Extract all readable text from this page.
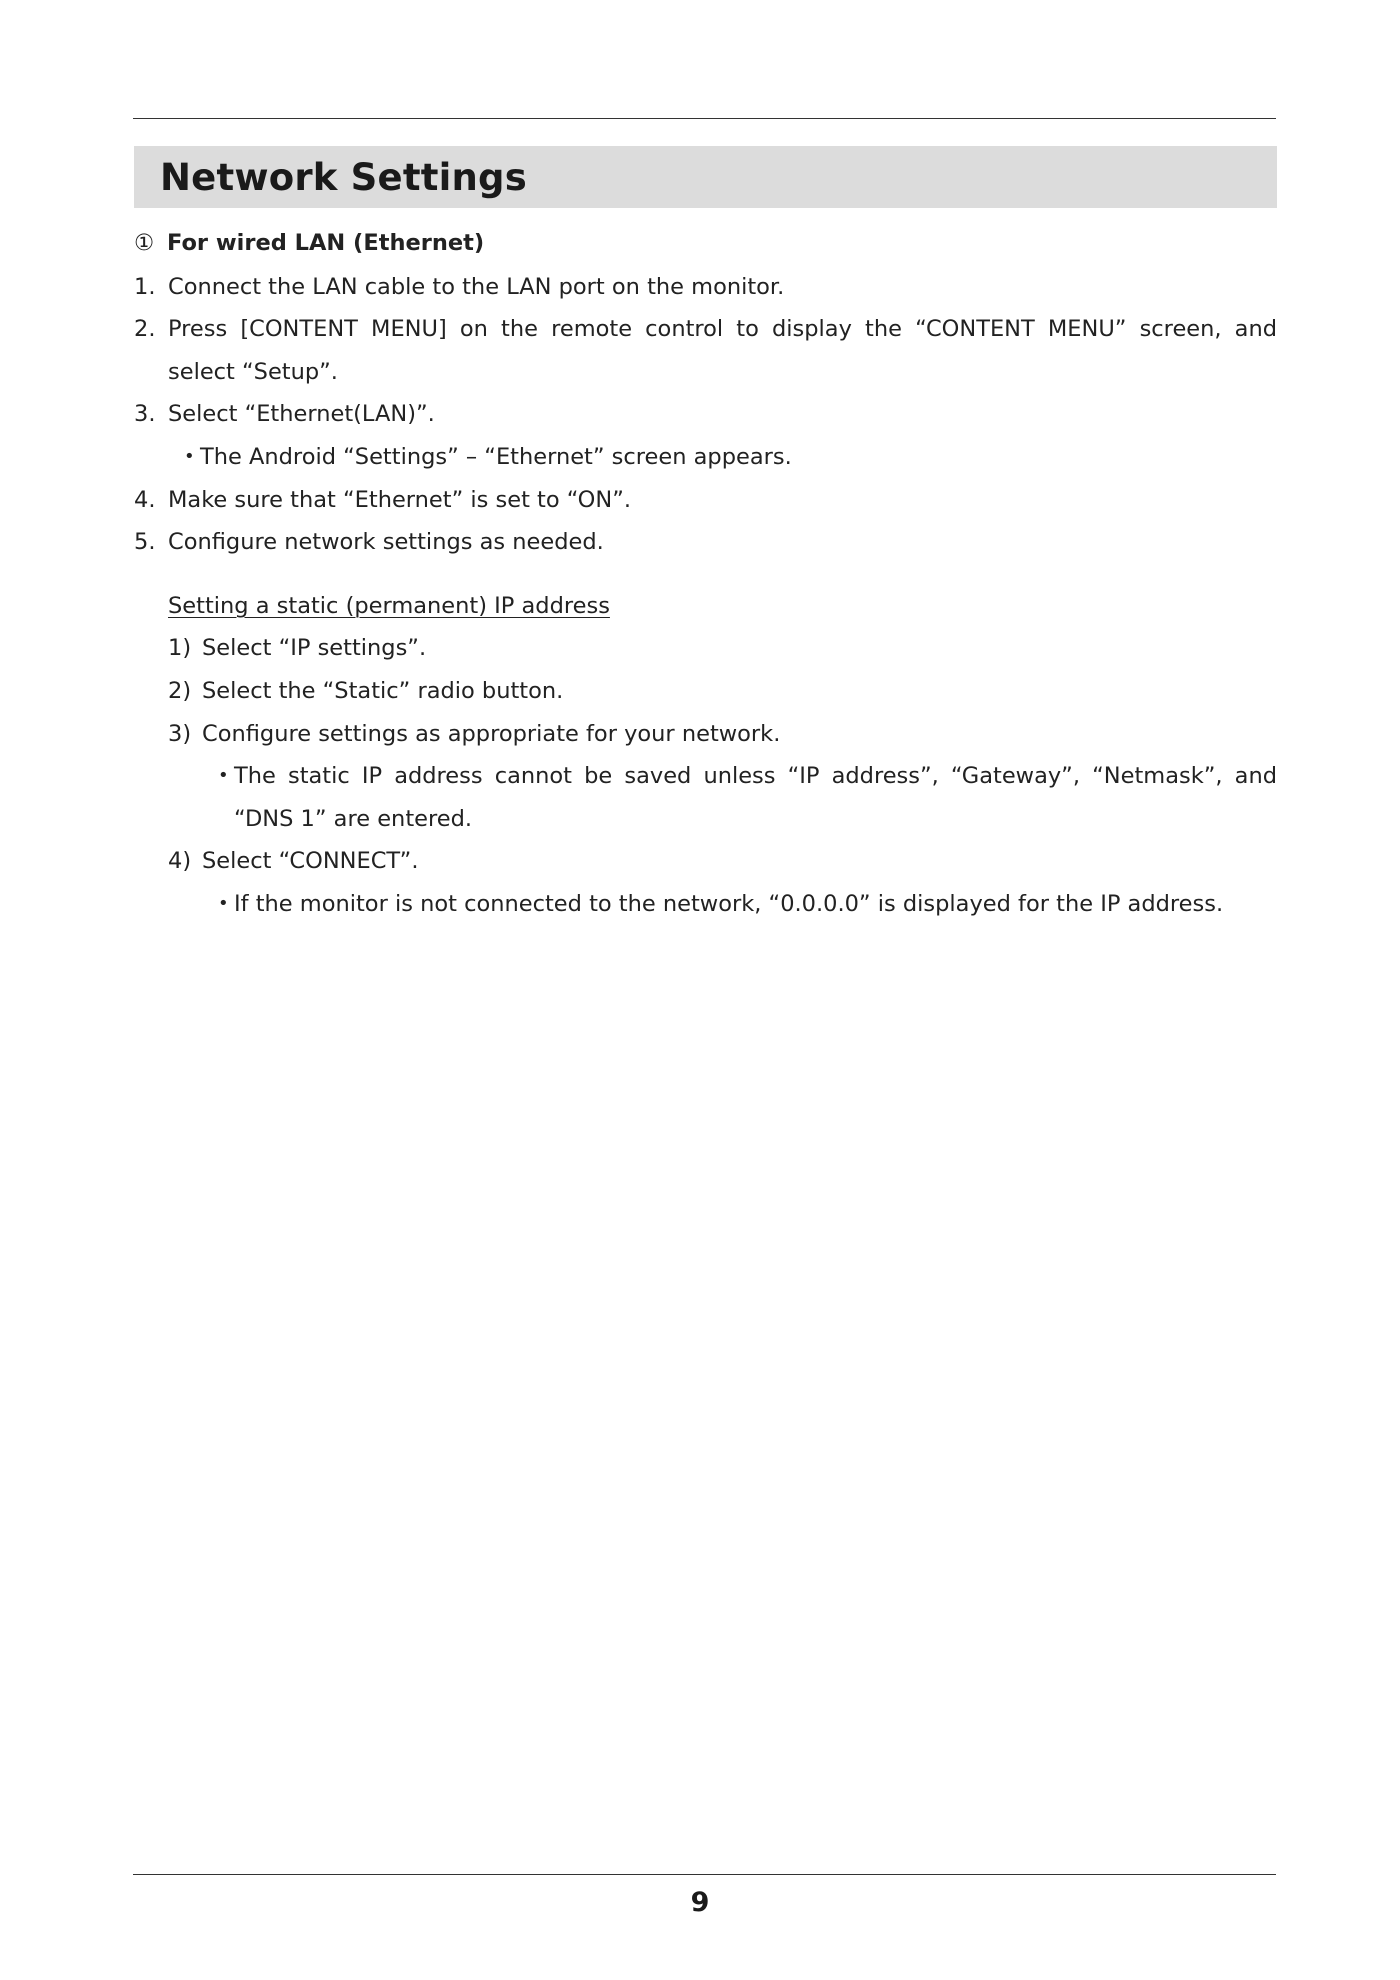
Network Settings
① For wired LAN (Ethernet)
1. Connect the LAN cable to the LAN port on the monitor.
2. Press [CONTENT MENU] on the remote control to display the “CONTENT MENU” screen, and
select “Setup”.
3. Select “Ethernet(LAN)”.
• The Android “Settings” – “Ethernet” screen appears.
4. Make sure that “Ethernet” is set to “ON”.
5. Configure network settings as needed.
Setting a static (permanent) IP address
1) Select “IP settings”.
2) Select the “Static” radio button.
3) Configure settings as appropriate for your network.
• The static IP address cannot be saved unless “IP address”, “Gateway”, “Netmask”, and
“DNS 1” are entered.
4) Select “CONNECT”.
• If the monitor is not connected to the network, “0.0.0.0” is displayed for the IP address.
9
